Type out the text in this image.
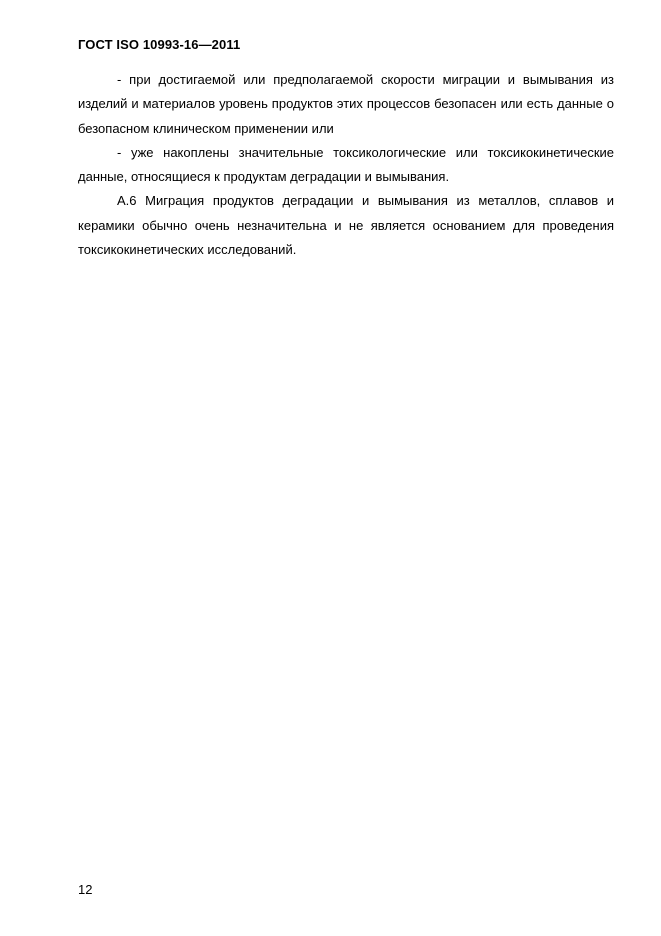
ГОСТ ISO 10993-16—2011

- при достигаемой или предполагаемой скорости миграции и вымывания из изделий и материалов уровень продуктов этих процессов безопасен или есть данные о безопасном клиническом применении или

- уже накоплены значительные токсикологические или токсикокинетические данные, относящиеся к продуктам деградации и вымывания.

А.6 Миграция продуктов деградации и вымывания из металлов, сплавов и керамики обычно очень незначительна и не является основанием для проведения токсикокинетических исследований.

12
